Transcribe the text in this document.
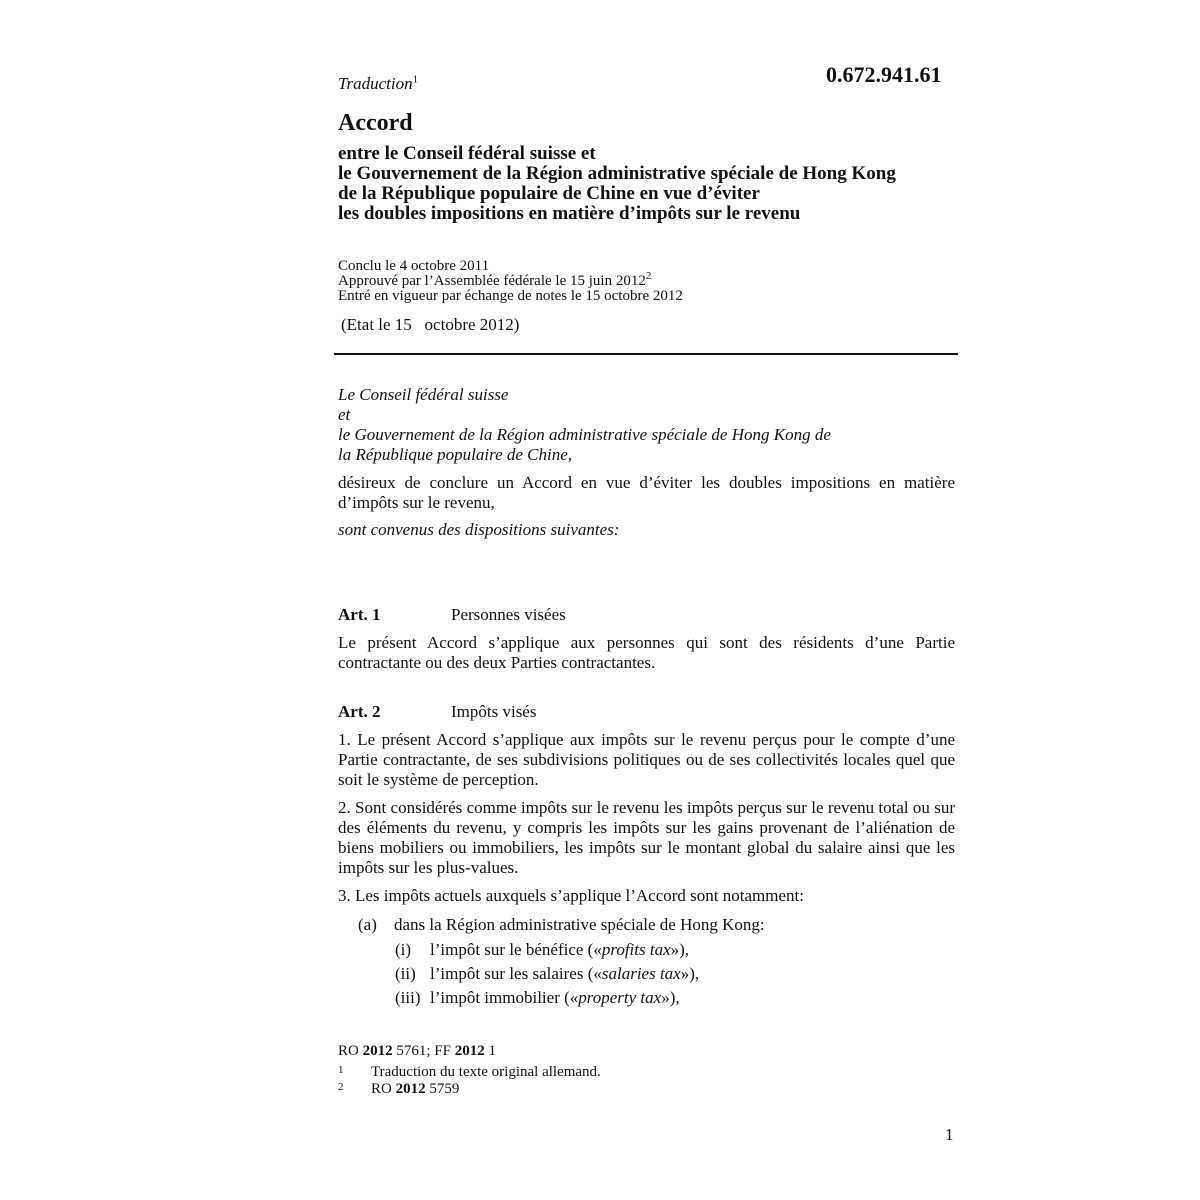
Traduction$^1$	0.672.941.61
Accord
entre le Conseil fédéral suisse et
le Gouvernement de la Région administrative spéciale de Hong Kong
de la République populaire de Chine en vue d’éviter
les doubles impositions en matière d’impôts sur le revenu
Conclu le 4 octobre 2011
Approuvé par l’Assemblée fédérale le 15 juin 2012$^2$
Entré en vigueur par échange de notes le 15 octobre 2012
(Etat le 15   octobre 2012)
Le Conseil fédéral suisse
et
le Gouvernement de la Région administrative spéciale de Hong Kong de
la République populaire de Chine,
désireux de conclure un Accord en vue d’éviter les doubles impositions en matière d’impôts sur le revenu,
sont convenus des dispositions suivantes:
Art. 1	Personnes visées
Le présent Accord s’applique aux personnes qui sont des résidents d’une Partie contractante ou des deux Parties contractantes.
Art. 2	Impôts visés
1. Le présent Accord s’applique aux impôts sur le revenu perçus pour le compte d’une Partie contractante, de ses subdivisions politiques ou de ses collectivités locales quel que soit le système de perception.
2. Sont considérés comme impôts sur le revenu les impôts perçus sur le revenu total ou sur des éléments du revenu, y compris les impôts sur les gains provenant de l’aliénation de biens mobiliers ou immobiliers, les impôts sur le montant global du salaire ainsi que les impôts sur les plus-values.
3. Les impôts actuels auxquels s’applique l’Accord sont notamment:
(a) dans la Région administrative spéciale de Hong Kong:
(i) l’impôt sur le bénéfice («profits tax»),
(ii) l’impôt sur les salaires («salaries tax»),
(iii) l’impôt immobilier («property tax»),
RO 2012 5761; FF 2012 1
1 Traduction du texte original allemand.
2 RO 2012 5759
1
